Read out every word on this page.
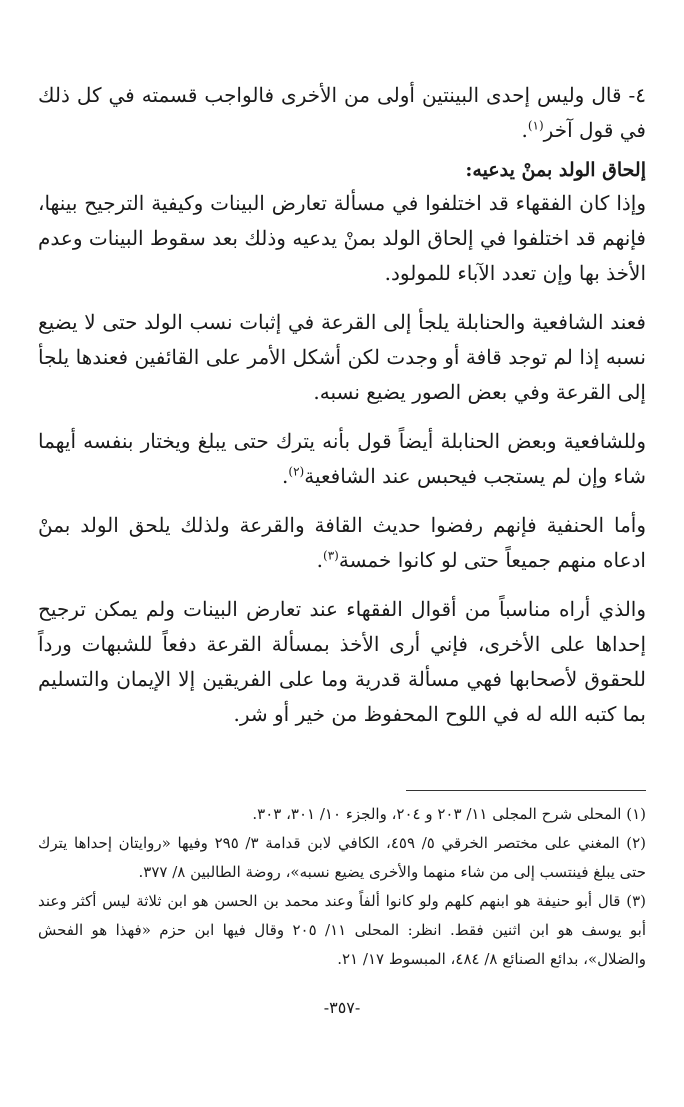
٤- قال وليس إحدى البينتين أولى من الأخرى فالواجب قسمته في كل ذلك في قول آخر$^{(١)}$.

إلحاق الولد بمنْ يدعيه:

وإذا كان الفقهاء قد اختلفوا في مسألة تعارض البينات وكيفية الترجيح بينها، فإنهم قد اختلفوا في إلحاق الولد بمنْ يدعيه وذلك بعد سقوط البينات وعدم الأخذ بها وإن تعدد الآباء للمولود.

فعند الشافعية والحنابلة يلجأ إلى القرعة في إثبات نسب الولد حتى لا يضيع نسبه إذا لم توجد قافة أو وجدت لكن أشكل الأمر على القائفين فعندها يلجأ إلى القرعة وفي بعض الصور يضيع نسبه.

وللشافعية وبعض الحنابلة أيضاً قول بأنه يترك حتى يبلغ ويختار بنفسه أيهما شاء وإن لم يستجب فيحبس عند الشافعية$^{(٢)}$.

وأما الحنفية فإنهم رفضوا حديث القافة والقرعة ولذلك يلحق الولد بمنْ ادعاه منهم جميعاً حتى لو كانوا خمسة$^{(٣)}$.

والذي أراه مناسباً من أقوال الفقهاء عند تعارض البينات ولم يمكن ترجيح إحداها على الأخرى، فإني أرى الأخذ بمسألة القرعة دفعاً للشبهات ورداً للحقوق لأصحابها فهي مسألة قدرية وما على الفريقين إلا الإيمان والتسليم بما كتبه الله له في اللوح المحفوظ من خير أو شر.

(١) المحلى شرح المجلى ١١/ ٢٠٣ و ٢٠٤، والجزء ١٠/ ٣٠١، ٣٠٣.

(٢) المغني على مختصر الخرقي ٥/ ٤٥٩، الكافي لابن قدامة ٣/ ٢٩٥ وفيها «روايتان إحداها يترك حتى يبلغ فينتسب إلى من شاء منهما والأخرى يضيع نسبه»، روضة الطالبين ٨/ ٣٧٧.

(٣) قال أبو حنيفة هو ابنهم كلهم ولو كانوا ألفاً وعند محمد بن الحسن هو ابن ثلاثة ليس أكثر وعند أبو يوسف هو ابن اثنين فقط. انظر: المحلى ١١/ ٢٠٥ وقال فيها ابن حزم «فهذا هو الفحش والضلال»، بدائع الصنائع ٨/ ٤٨٤، المبسوط ١٧/ ٢١.

-٣٥٧-
